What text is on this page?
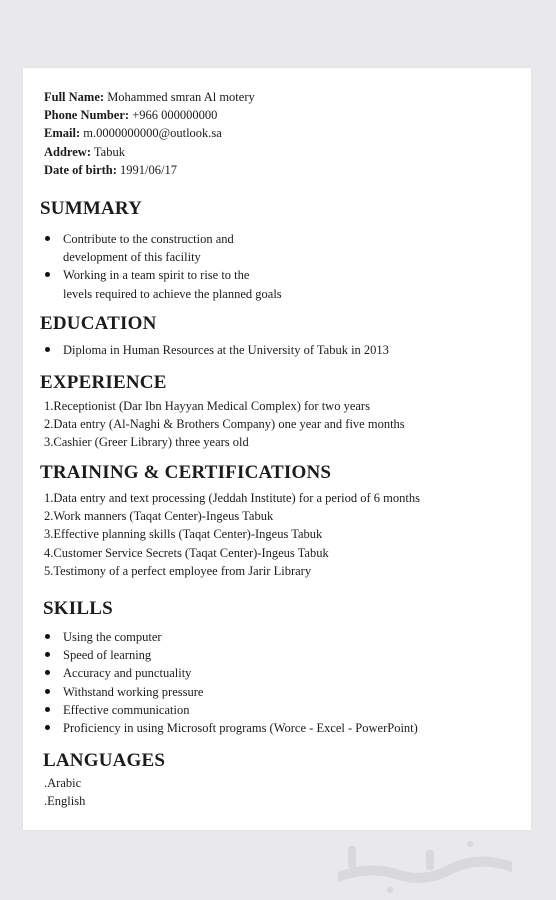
Full Name: Mohammed smran Al motery
Phone Number: +966 000000000
Email: m.0000000000@outlook.sa
Addrew: Tabuk
Date of birth: 1991/06/17
SUMMARY
Contribute to the construction and
development of this facility
Working in a team spirit to rise to the
levels required to achieve the planned goals
EDUCATION
Diploma in Human Resources at the University of Tabuk in 2013
EXPERIENCE
1.Receptionist (Dar Ibn Hayyan Medical Complex) for two years
2.Data entry (Al-Naghi & Brothers Company) one year and five months
3.Cashier (Greer Library) three years old
TRAINING & CERTIFICATIONS
1.Data entry and text processing (Jeddah Institute) for a period of 6 months
2.Work manners (Taqat Center)-Ingeus Tabuk
3.Effective planning skills (Taqat Center)-Ingeus Tabuk
4.Customer Service Secrets (Taqat Center)-Ingeus Tabuk
5.Testimony of a perfect employee from Jarir Library
SKILLS
Using the computer
Speed of learning
Accuracy and punctuality
Withstand working pressure
Effective communication
Proficiency in using Microsoft programs (Worce - Excel - PowerPoint)
LANGUAGES
.Arabic
.English
